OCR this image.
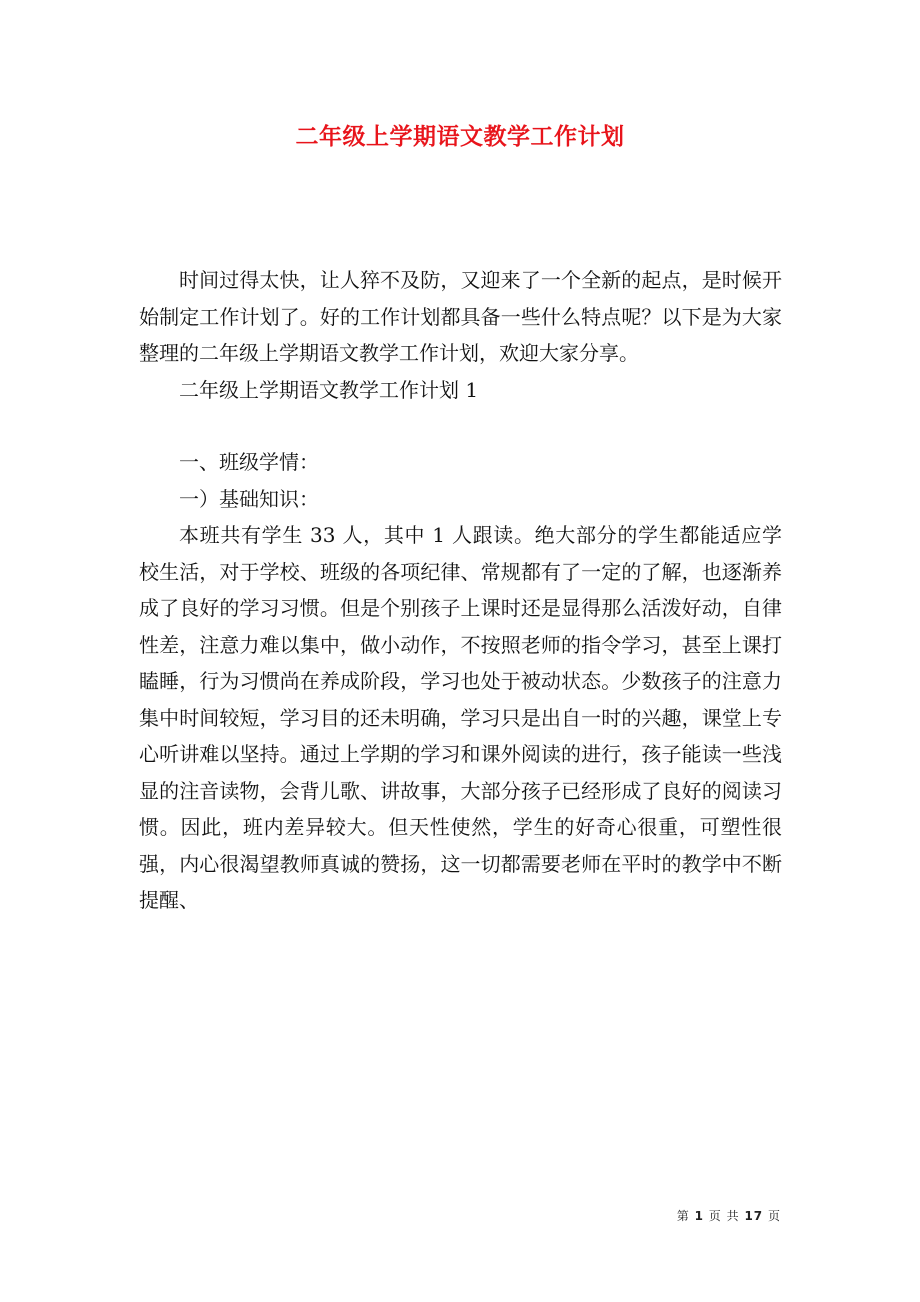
二年级上学期语文教学工作计划

时间过得太快，让人猝不及防，又迎来了一个全新的起点，是时候开始制定工作计划了。好的工作计划都具备一些什么特点呢？以下是为大家整理的二年级上学期语文教学工作计划，欢迎大家分享。

二年级上学期语文教学工作计划 1

一、班级学情：

一）基础知识：

本班共有学生 33 人，其中 1 人跟读。绝大部分的学生都能适应学校生活，对于学校、班级的各项纪律、常规都有了一定的了解，也逐渐养成了良好的学习习惯。但是个别孩子上课时还是显得那么活泼好动，自律性差，注意力难以集中，做小动作，不按照老师的指令学习，甚至上课打瞌睡，行为习惯尚在养成阶段，学习也处于被动状态。少数孩子的注意力集中时间较短，学习目的还未明确，学习只是出自一时的兴趣，课堂上专心听讲难以坚持。通过上学期的学习和课外阅读的进行，孩子能读一些浅显的注音读物，会背儿歌、讲故事，大部分孩子已经形成了良好的阅读习惯。因此，班内差异较大。但天性使然，学生的好奇心很重，可塑性很强，内心很渴望教师真诚的赞扬，这一切都需要老师在平时的教学中不断提醒、

第 1 页 共 17 页
